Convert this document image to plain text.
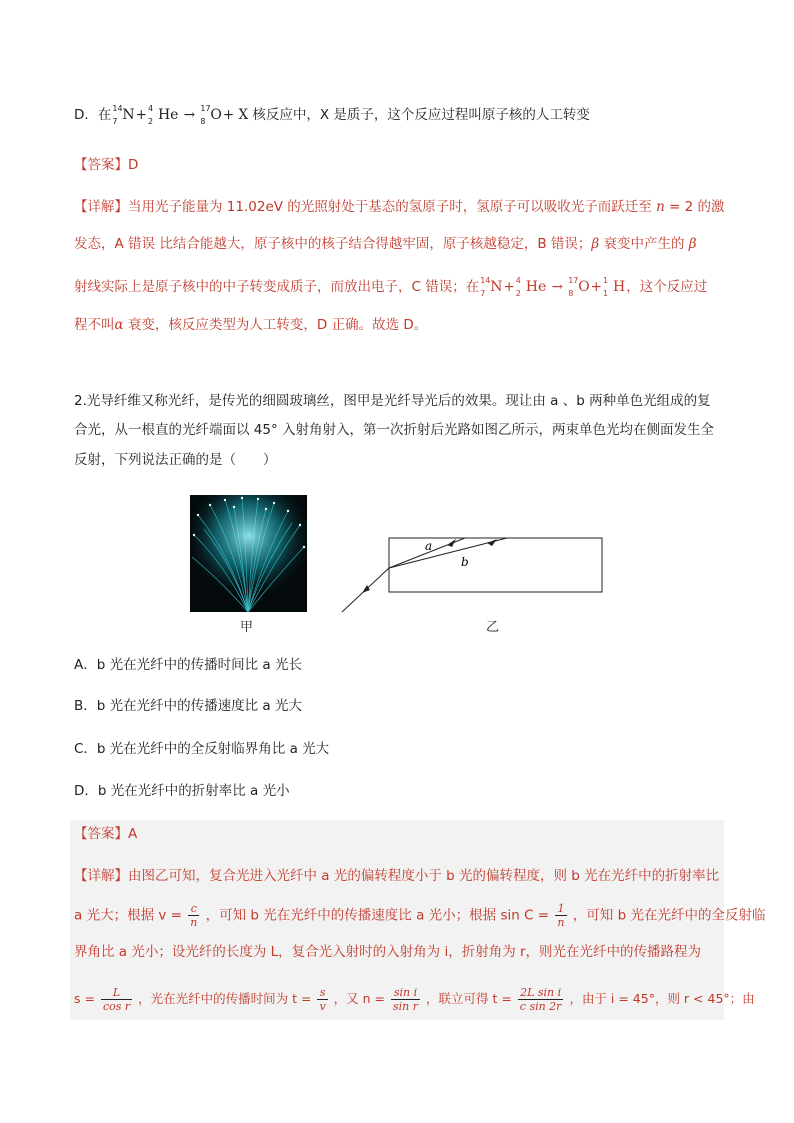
D．在 14
7 N+ 4
2 He → 17
8 O+ X 核反应中，X 是质子，这个反应过程叫原子核的人工转变
【答案】D
【详解】当用光子能量为 11.02eV 的光照射处于基态的氢原子时，氢原子可以吸收光子而跃迁至 n = 2 的激
发态，A 错误 比结合能越大，原子核中的核子结合得越牢固，原子核越稳定，B 错误；β 衰变中产生的 β
射线实际上是原子核中的中子转变成质子，而放出电子，C 错误；在 14
7 N+ 4
2 He → 17
8 O+ 1
1 H，这个反应过
程不叫α 衰变，核反应类型为人工转变，D 正确。故选 D。
2.光导纤维又称光纤，是传光的细圆玻璃丝，图甲是光纤导光后的效果。现让由 a 、b 两种单色光组成的复
合光，从一根直的光纤端面以 45° 入射角射入，第一次折射后光路如图乙所示，两束单色光均在侧面发生全
反射，下列说法正确的是（　　）
甲
a
b
乙
A．b 光在光纤中的传播时间比 a 光长
B．b 光在光纤中的传播速度比 a 光大
C．b 光在光纤中的全反射临界角比 a 光大
D．b 光在光纤中的折射率比 a 光小
【答案】A
【详解】由图乙可知，复合光进入光纤中 a 光的偏转程度小于 b 光的偏转程度，则 b 光在光纤中的折射率比
a 光大；根据 $v = \frac{c}{n}$ ，可知 b 光在光纤中的传播速度比 a 光小；根据 $\sin C = \frac{1}{n}$ ，可知 b 光在光纤中的全反射临
界角比 a 光小；设光纤的长度为 L，复合光入射时的入射角为 i，折射角为 r，则光在光纤中的传播路程为
$s = \frac{L}{\text{cos r}}$ ，光在光纤中的传播时间为 $t = \frac{s}{v}$ ，又 $n = \frac{\text{sin i}}{\text{sin r}}$ ，联立可得 $t = \frac{\text{2L sin i}}{\text{c sin 2r}}$ ，由于 i = 45°，则 r < 45°；由
